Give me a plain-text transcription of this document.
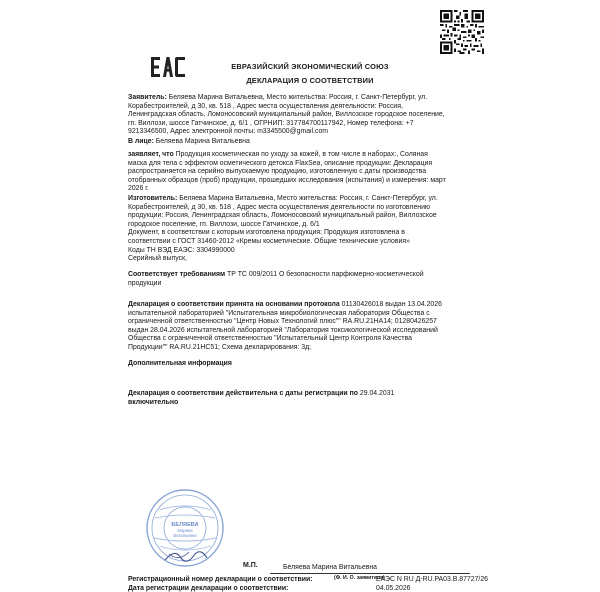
ЕВРАЗИЙСКИЙ ЭКОНОМИЧЕСКИЙ СОЮЗ
ДЕКЛАРАЦИЯ О СООТВЕТСТВИИ
Заявитель: Беляева Марина Витальевна, Место жительства: Россия, г. Санкт-Петербург, ул.
Корабестроителей, д 30, кв. 518 , Адрес места осуществления деятельности: Россия,
Ленинградская область, Ломоносовский муниципальный район, Виллозское городское поселение,
гп. Виллози, шоссе Гатчинское, д. 6/1 , ОГРНИП: 317784700117942, Номер телефона: +7
9213346500, Адрес электронной почты: m3345500@gmail.com
В лице: Беляева Марина Витальевна
заявляет, что Продукция косметическая по уходу за кожей, в том числе в наборах:, Соляная
маска для тела с эффектом осметического детокса FlaxSea, описание продукции: Декларация
распространяется на серийно выпускаемую продукцию, изготовленную с даты производства
отобранных образцов (проб) продукции, прошедших исследования (испытания) и измерения: март
2026 г.
Изготовитель: Беляева Марина Витальевна, Место жительства: Россия, г. Санкт-Петербург, ул.
Корабестроителей, д 30, кв. 518 , Адрес места осуществления деятельности по изготовлению
продукции: Россия, Ленинградская область, Ломоносовский муниципальный район, Виллозское
городское поселение, гп. Виллози, шоссе Гатчинское, д. 6/1
Документ, в соответствии с которым изготовлена продукция: Продукция изготовлена в
соответствии с ГОСТ 31460-2012 «Кремы косметические. Общие технические условия»
Коды ТН ВЭД ЕАЭС: 3304990000
Серийный выпуск,
Соответствует требованиям ТР ТС 009/2011 О безопасности парфюмерно-косметической
продукции
Декларация о соответствии принята на основании протокола 01130426018 выдан 13.04.2026
испытательной лабораторией "Испытательная микробиологическая лаборатория Общества с
ограниченной ответственностью "Центр Новых Технологий плюс"" RA.RU.21НА14; 01280426257
выдан 28.04.2026 испытательной лабораторией "Лаборатория токсикологической исследований
Общества с ограниченной ответственностью "Испытательный Центр Контроля Качества
Продукции"" RA.RU.21НС51; Схема декларирования: 3д;
Дополнительная информация
Декларация о соответствии действительна с даты регистрации по 29.04.2031
включительно
БЕЛЯЕВА
Марина
Витальевна
М.П.	Беляева Марина Витальевна
(Ф. И. О. заявителя)
Регистрационный номер декларации о соответствии:	ЕАЭС N RU Д-RU.PA03.B.87727/26
Дата регистрации декларации о соответствии:	04.05.2026
